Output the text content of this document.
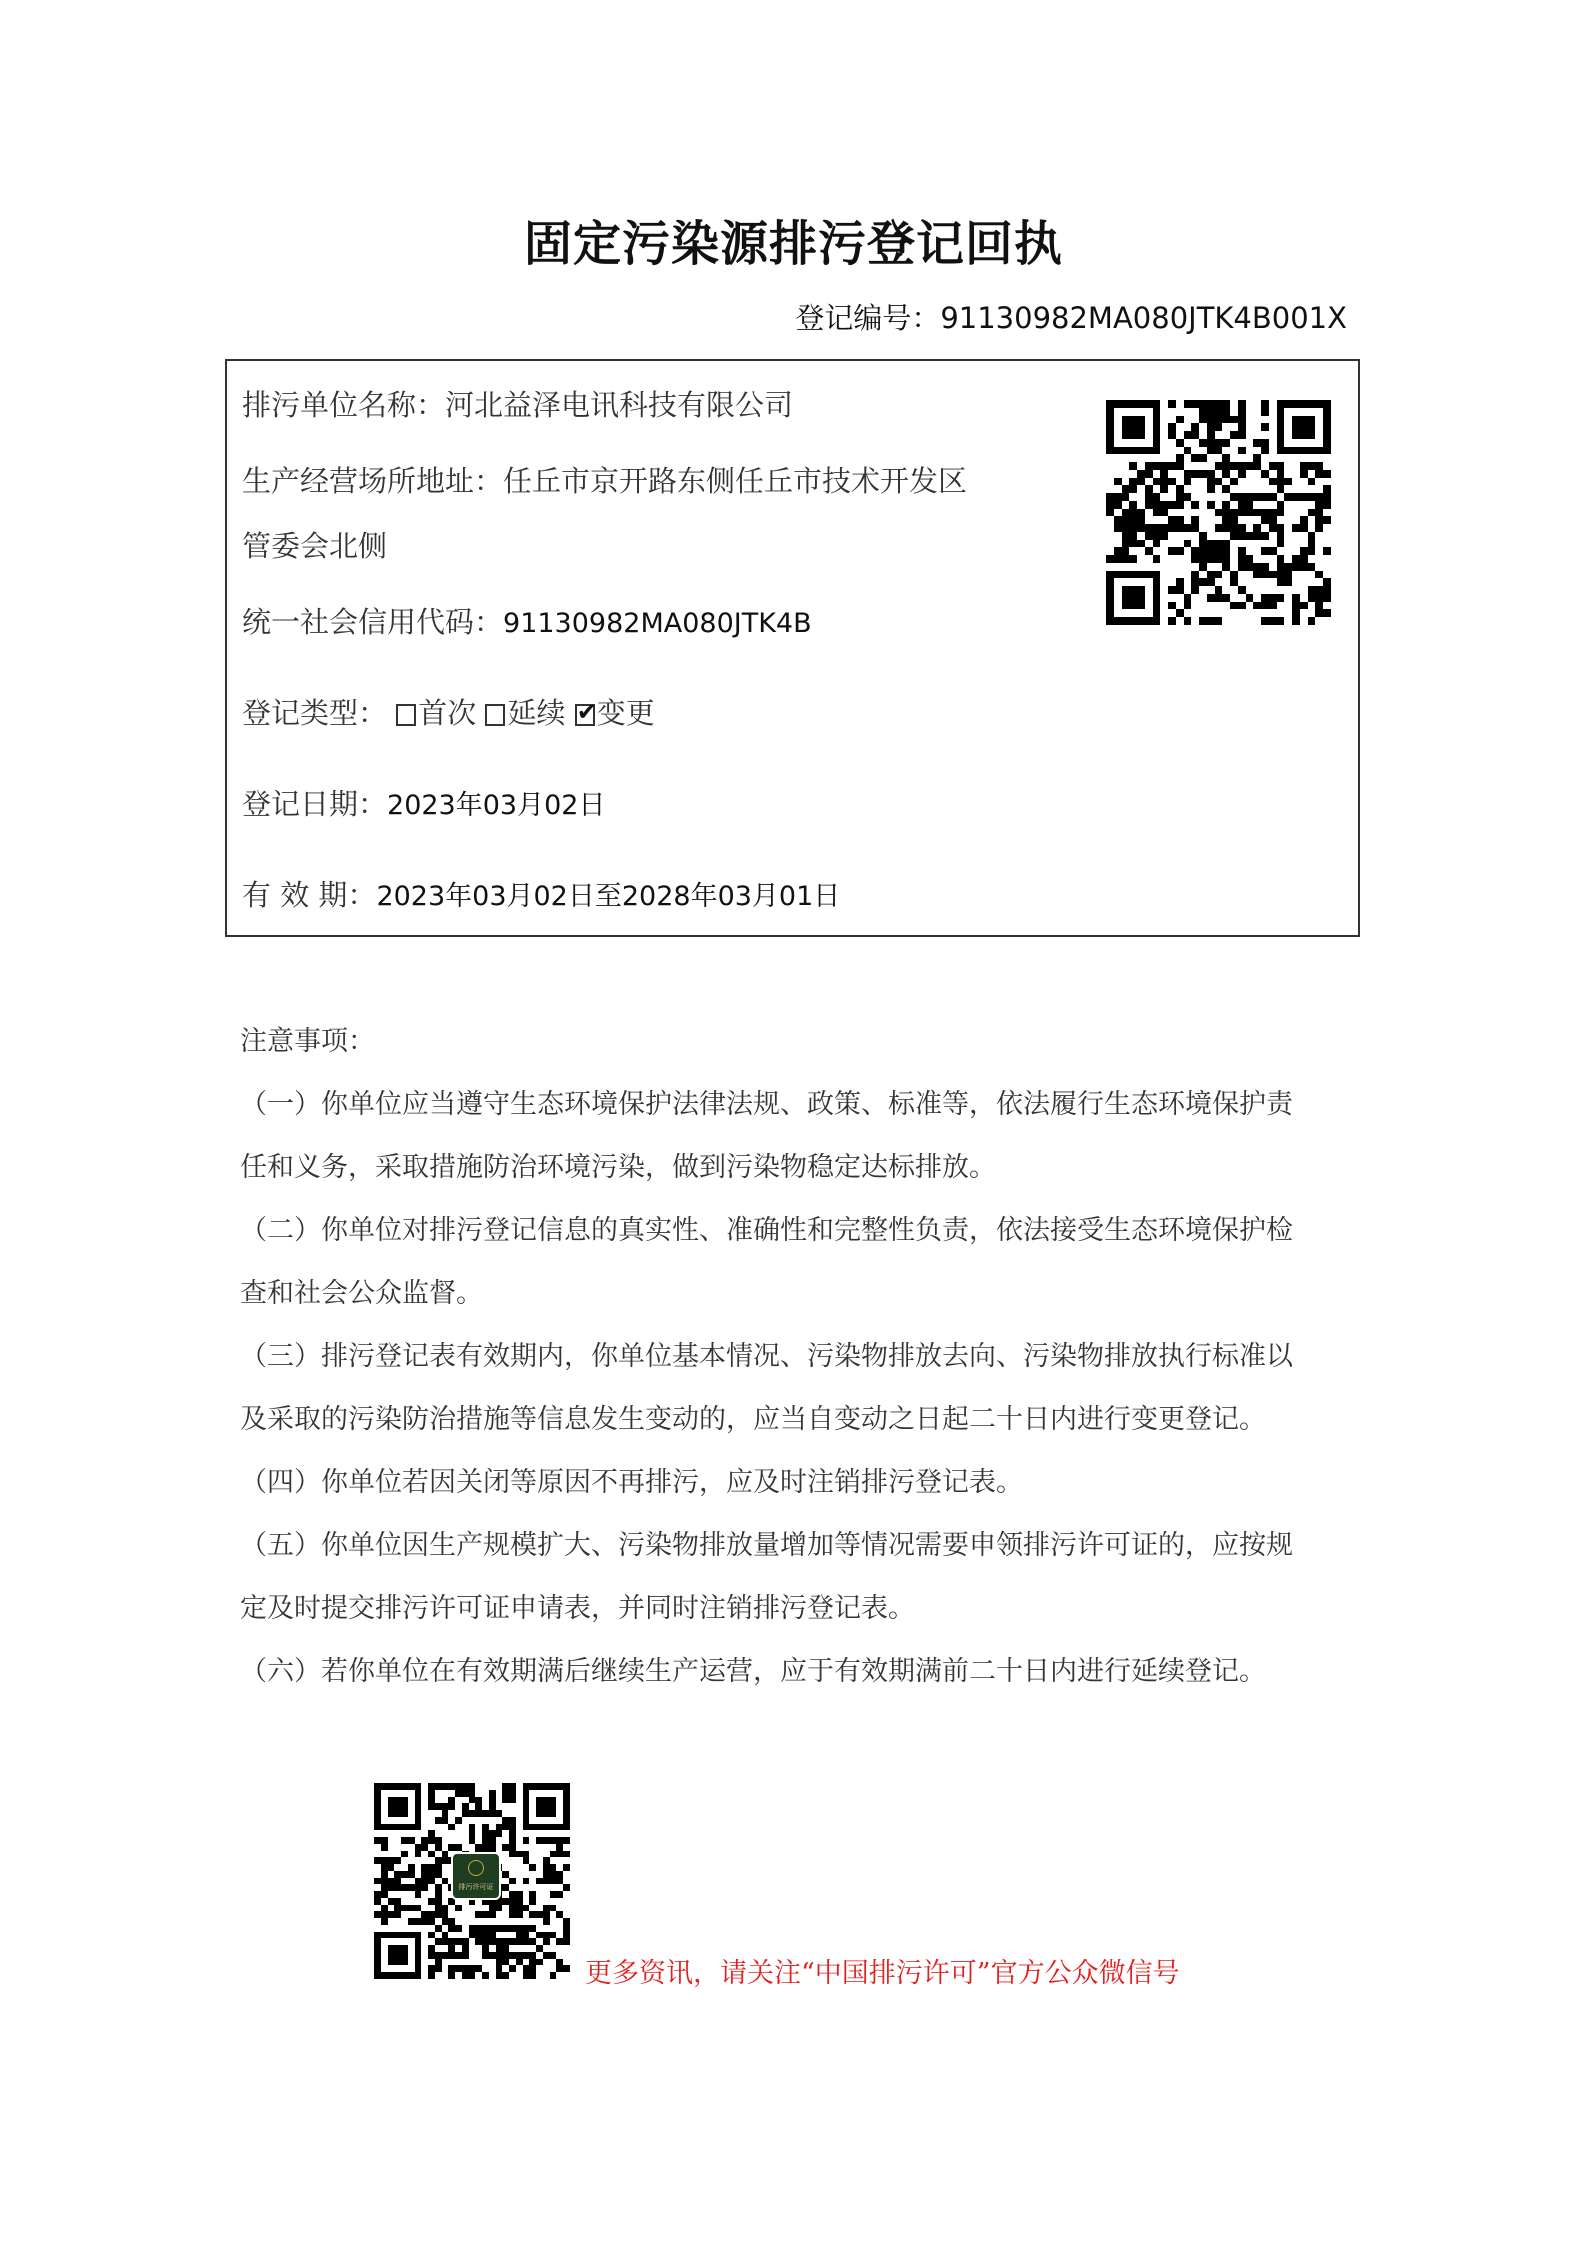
固定污染源排污登记回执
登记编号：91130982MA080JTK4B001X
排污单位名称：河北益泽电讯科技有限公司
生产经营场所地址：任丘市京开路东侧任丘市技术开发区
管委会北侧
统一社会信用代码：91130982MA080JTK4B
登记类型： 首次 延续 ✔ 变更
登记日期：2023年03月02日
有 效 期：2023年03月02日至2028年03月01日
注意事项：
（一）你单位应当遵守生态环境保护法律法规、政策、标准等，依法履行生态环境保护责
任和义务，采取措施防治环境污染，做到污染物稳定达标排放。
（二）你单位对排污登记信息的真实性、准确性和完整性负责，依法接受生态环境保护检
查和社会公众监督。
（三）排污登记表有效期内，你单位基本情况、污染物排放去向、污染物排放执行标准以
及采取的污染防治措施等信息发生变动的，应当自变动之日起二十日内进行变更登记。
（四）你单位若因关闭等原因不再排污，应及时注销排污登记表。
（五）你单位因生产规模扩大、污染物排放量增加等情况需要申领排污许可证的，应按规
定及时提交排污许可证申请表，并同时注销排污登记表。
（六）若你单位在有效期满后继续生产运营，应于有效期满前二十日内进行延续登记。
排污许可证
更多资讯，请关注“中国排污许可”官方公众微信号
